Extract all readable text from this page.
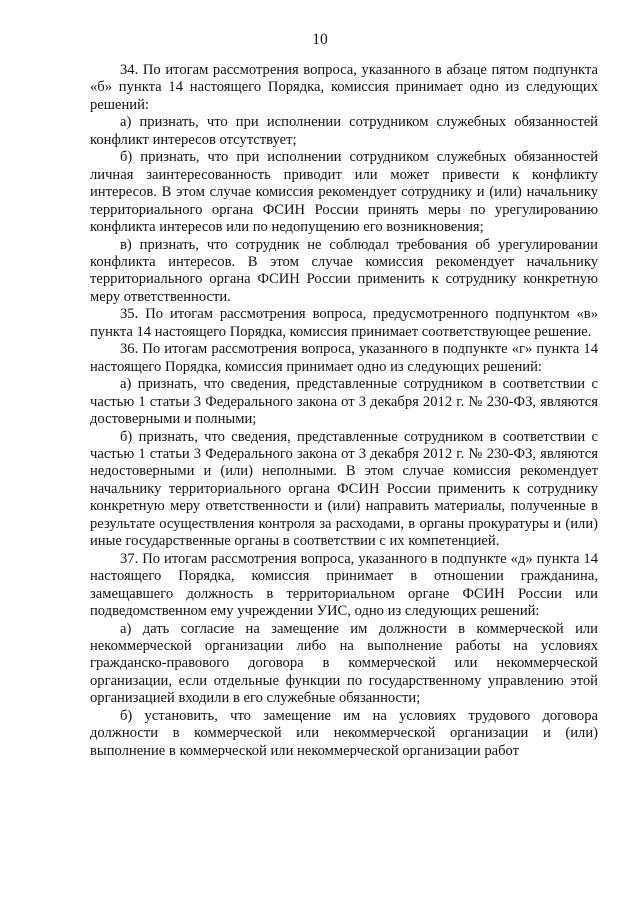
10

34. По итогам рассмотрения вопроса, указанного в абзаце пятом подпункта «б» пункта 14 настоящего Порядка, комиссия принимает одно из следующих решений:

а) признать, что при исполнении сотрудником служебных обязанностей конфликт интересов отсутствует;

б) признать, что при исполнении сотрудником служебных обязанностей личная заинтересованность приводит или может привести к конфликту интересов. В этом случае комиссия рекомендует сотруднику и (или) начальнику территориального органа ФСИН России принять меры по урегулированию конфликта интересов или по недопущению его возникновения;

в) признать, что сотрудник не соблюдал требования об урегулировании конфликта интересов. В этом случае комиссия рекомендует начальнику территориального органа ФСИН России применить к сотруднику конкретную меру ответственности.

35. По итогам рассмотрения вопроса, предусмотренного подпунктом «в» пункта 14 настоящего Порядка, комиссия принимает соответствующее решение.

36. По итогам рассмотрения вопроса, указанного в подпункте «г» пункта 14 настоящего Порядка, комиссия принимает одно из следующих решений:

а) признать, что сведения, представленные сотрудником в соответствии с частью 1 статьи 3 Федерального закона от 3 декабря 2012 г. № 230-ФЗ, являются достоверными и полными;

б) признать, что сведения, представленные сотрудником в соответствии с частью 1 статьи 3 Федерального закона от 3 декабря 2012 г. № 230-ФЗ, являются недостоверными и (или) неполными. В этом случае комиссия рекомендует начальнику территориального органа ФСИН России применить к сотруднику конкретную меру ответственности и (или) направить материалы, полученные в результате осуществления контроля за расходами, в органы прокуратуры и (или) иные государственные органы в соответствии с их компетенцией.

37. По итогам рассмотрения вопроса, указанного в подпункте «д» пункта 14 настоящего Порядка, комиссия принимает в отношении гражданина, замещавшего должность в территориальном органе ФСИН России или подведомственном ему учреждении УИС, одно из следующих решений:

а) дать согласие на замещение им должности в коммерческой или некоммерческой организации либо на выполнение работы на условиях гражданско-правового договора в коммерческой или некоммерческой организации, если отдельные функции по государственному управлению этой организацией входили в его служебные обязанности;

б) установить, что замещение им на условиях трудового договора должности в коммерческой или некоммерческой организации и (или) выполнение в коммерческой или некоммерческой организации работ
